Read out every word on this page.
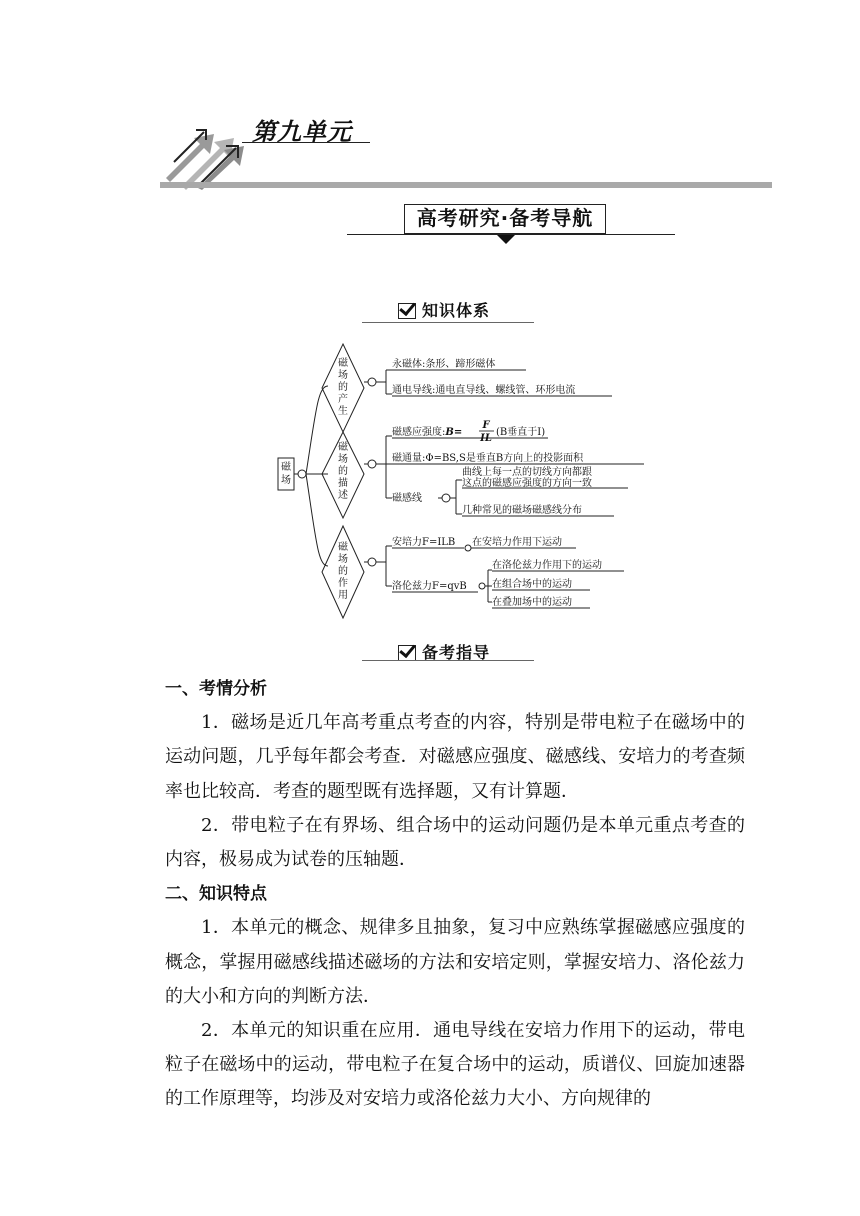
第九单元
高考研究·备考导航
知识体系
磁场
磁场的产生
磁场的描述
磁场的作用
永磁体:条形、蹄形磁体
通电导线:通电直导线、螺线管、环形电流
磁感应强度:B=
F
IL
(B垂直于I)
磁通量:Φ=BS,S是垂直B方向上的投影面积
磁感线
曲线上每一点的切线方向都跟
这点的磁感应强度的方向一致
几种常见的磁场磁感线分布
安培力F=ILB 在安培力作用下运动
洛伦兹力F=qvB
在洛伦兹力作用下的运动
在组合场中的运动
在叠加场中的运动
备考指导

一、考情分析

1．磁场是近几年高考重点考查的内容，特别是带电粒子在磁场中的运动问题，几乎每年都会考查．对磁感应强度、磁感线、安培力的考查频率也比较高．考查的题型既有选择题，又有计算题．

2．带电粒子在有界场、组合场中的运动问题仍是本单元重点考查的内容，极易成为试卷的压轴题．

二、知识特点

1．本单元的概念、规律多且抽象，复习中应熟练掌握磁感应强度的概念，掌握用磁感线描述磁场的方法和安培定则，掌握安培力、洛伦兹力的大小和方向的判断方法．

2．本单元的知识重在应用．通电导线在安培力作用下的运动，带电粒子在磁场中的运动，带电粒子在复合场中的运动，质谱仪、回旋加速器的工作原理等，均涉及对安培力或洛伦兹力大小、方向规律的
